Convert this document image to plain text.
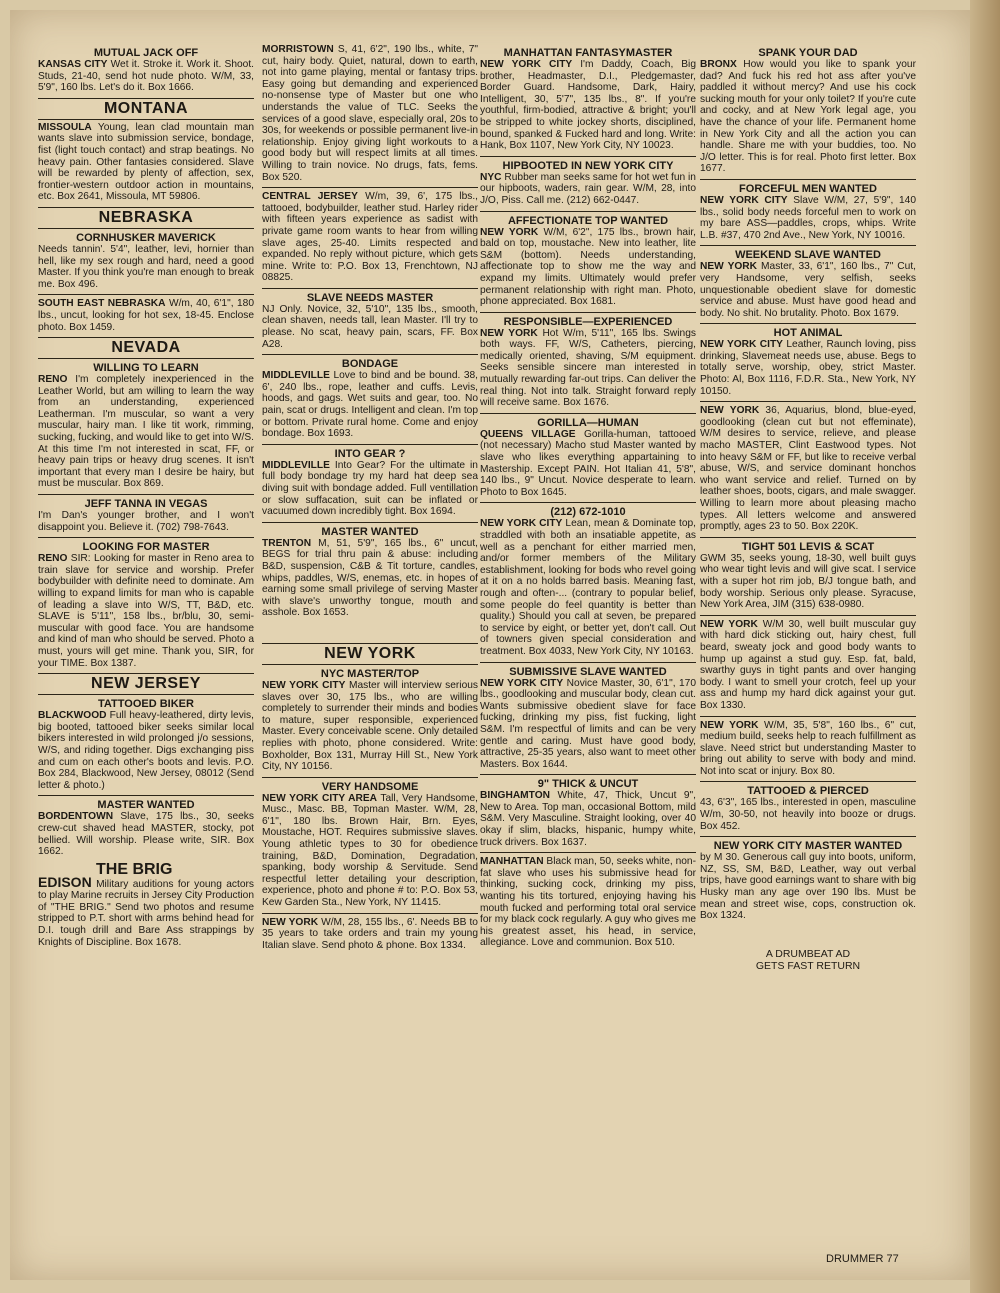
MUTUAL JACK OFF

KANSAS CITY Wet it. Stroke it. Work it. Shoot. Studs, 21-40, send hot nude photo. W/M, 33, 5'9", 160 lbs. Let's do it. Box 1666.

MONTANA

MISSOULA Young, lean clad mountain man wants slave into submission service, bondage, fist (light touch contact) and strap beatings. No heavy pain. Other fantasies considered. Slave will be rewarded by plenty of affection, sex, frontier-western outdoor action in mountains, etc. Box 2641, Missoula, MT 59806.

NEBRASKA
CORNHUSKER MAVERICK

Needs tannin'. 5'4", leather, levi, hornier than hell, like my sex rough and hard, need a good Master. If you think you're man enough to break me. Box 496.

SOUTH EAST NEBRASKA W/m, 40, 6'1", 180 lbs., uncut, looking for hot sex, 18-45. Enclose photo. Box 1459.

NEVADA
WILLING TO LEARN

RENO I'm completely inexperienced in the Leather World, but am willing to learn the way from an understanding, experienced Leatherman. I'm muscular, so want a very muscular, hairy man. I like tit work, rimming, sucking, fucking, and would like to get into W/S. At this time I'm not interested in scat, FF, or heavy pain trips or heavy drug scenes. It isn't important that every man I desire be hairy, but must be muscular. Box 869.

JEFF TANNA IN VEGAS

I'm Dan's younger brother, and I won't disappoint you. Believe it. (702) 798-7643.

LOOKING FOR MASTER

RENO SIR: Looking for master in Reno area to train slave for service and worship. Prefer bodybuilder with definite need to dominate. Am willing to expand limits for man who is capable of leading a slave into W/S, TT, B&D, etc. SLAVE is 5'11", 158 lbs., br/blu, 30, semi-muscular with good face. You are handsome and kind of man who should be served. Photo a must, yours will get mine. Thank you, SIR, for your TIME. Box 1387.

NEW JERSEY
TATTOOED BIKER

BLACKWOOD Full heavy-leathered, dirty levis, big booted, tattooed biker seeks similar local bikers interested in wild prolonged j/o sessions, W/S, and riding together. Digs exchanging piss and cum on each other's boots and levis. P.O. Box 284, Blackwood, New Jersey, 08012 (Send letter & photo.)

MASTER WANTED

BORDENTOWN Slave, 175 lbs., 30, seeks crew-cut shaved head MASTER, stocky, pot bellied. Will worship. Please write, SIR. Box 1662.

THE BRIG

EDISON Military auditions for young actors to play Marine recruits in Jersey City Production of "THE BRIG." Send two photos and resume stripped to P.T. short with arms behind head for D.I. tough drill and Bare Ass strappings by Knights of Discipline. Box 1678.

MORRISTOWN S, 41, 6'2", 190 lbs., white, 7" cut, hairy body. Quiet, natural, down to earth, not into game playing, mental or fantasy trips. Easy going but demanding and experienced no-nonsense type of Master but one who understands the value of TLC. Seeks the services of a good slave, especially oral, 20s to 30s, for weekends or possible permanent live-in relationship. Enjoy giving light workouts to a good body but will respect limits at all times. Willing to train novice. No drugs, fats, fems. Box 520.

CENTRAL JERSEY W/m, 39, 6', 175 lbs., tattooed, bodybuilder, leather stud. Harley rider with fifteen years experience as sadist with private game room wants to hear from willing slave ages, 25-40. Limits respected and expanded. No reply without picture, which gets mine. Write to: P.O. Box 13, Frenchtown, NJ 08825.

SLAVE NEEDS MASTER

NJ Only. Novice, 32, 5'10", 135 lbs., smooth, clean shaven, needs tall, lean Master. I'll try to please. No scat, heavy pain, scars, FF. Box A28.

BONDAGE

MIDDLEVILLE Love to bind and be bound. 38, 6', 240 lbs., rope, leather and cuffs. Levis, hoods, and gags. Wet suits and gear, too. No pain, scat or drugs. Intelligent and clean. I'm top or bottom. Private rural home. Come and enjoy bondage. Box 1693.

INTO GEAR ?

MIDDLEVILLE Into Gear? For the ultimate in full body bondage try my hard hat deep sea diving suit with bondage added. Full ventillation or slow suffacation, suit can be inflated or vacuumed down incredibly tight. Box 1694.

MASTER WANTED

TRENTON M, 51, 5'9", 165 lbs., 6" uncut, BEGS for trial thru pain & abuse: including B&D, suspension, C&B & Tit torture, candles, whips, paddles, W/S, enemas, etc. in hopes of earning some small privilege of serving Master with slave's unworthy tongue, mouth and asshole. Box 1653.

NEW YORK
NYC MASTER/TOP

NEW YORK CITY Master will interview serious slaves over 30, 175 lbs., who are willing completely to surrender their minds and bodies to mature, super responsible, experienced Master. Every conceivable scene. Only detailed replies with photo, phone considered. Write: Boxholder, Box 131, Murray Hill St., New York City, NY 10156.

VERY HANDSOME

NEW YORK CITY AREA Tall, Very Handsome, Musc., Masc. BB, Topman Master. W/M, 28, 6'1", 180 lbs. Brown Hair, Brn. Eyes, Moustache, HOT. Requires submissive slaves. Young athletic types to 30 for obedience training, B&D, Domination, Degradation, spanking, body worship & Servitude. Send respectful letter detailing your description, experience, photo and phone # to: P.O. Box 53, Kew Garden Sta., New York, NY 11415.

NEW YORK W/M, 28, 155 lbs., 6'. Needs BB to 35 years to take orders and train my young Italian slave. Send photo & phone. Box 1334.

MANHATTAN FANTASYMASTER

NEW YORK CITY I'm Daddy, Coach, Big brother, Headmaster, D.I., Pledgemaster, Border Guard. Handsome, Dark, Hairy, Intelligent, 30, 5'7", 135 lbs., 8". If you're youthful, firm-bodied, attractive & bright; you'll be stripped to white jockey shorts, disciplined, bound, spanked & Fucked hard and long. Write: Hank, Box 1107, New York City, NY 10023.

HIPBOOTED IN NEW YORK CITY

NYC Rubber man seeks same for hot wet fun in our hipboots, waders, rain gear. W/M, 28, into J/O, Piss. Call me. (212) 662-0447.

AFFECTIONATE TOP WANTED

NEW YORK W/M, 6'2", 175 lbs., brown hair, bald on top, moustache. New into leather, lite S&M (bottom). Needs understanding, affectionate top to show me the way and expand my limits. Ultimately would prefer permanent relationship with right man. Photo, phone appreciated. Box 1681.

RESPONSIBLE—EXPERIENCED

NEW YORK Hot W/m, 5'11", 165 lbs. Swings both ways. FF, W/S, Catheters, piercing, medically oriented, shaving, S/M equipment. Seeks sensible sincere man interested in mutually rewarding far-out trips. Can deliver the real thing. Not into talk. Straight forward reply will receive same. Box 1676.

GORILLA—HUMAN

QUEENS VILLAGE Gorilla-human, tattooed (not necessary) Macho stud Master wanted by slave who likes everything appartaining to Mastership. Except PAIN. Hot Italian 41, 5'8", 140 lbs., 9" Uncut. Novice desperate to learn. Photo to Box 1645.

(212) 672-1010

NEW YORK CITY Lean, mean & Dominate top, straddled with both an insatiable appetite, as well as a penchant for either married men, and/or former members of the Military establishment, looking for bods who revel going at it on a no holds barred basis. Meaning fast, rough and often-... (contrary to popular belief, some people do feel quantity is better than quality.) Should you call at seven, be prepared to service by eight, or better yet, don't call. Out of towners given special consideration and treatment. Box 4033, New York City, NY 10163.

SUBMISSIVE SLAVE WANTED

NEW YORK CITY Novice Master, 30, 6'1", 170 lbs., goodlooking and muscular body, clean cut. Wants submissive obedient slave for face fucking, drinking my piss, fist fucking, light S&M. I'm respectful of limits and can be very gentle and caring. Must have good body, attractive, 25-35 years, also want to meet other Masters. Box 1644.

9" THICK & UNCUT

BINGHAMTON White, 47, Thick, Uncut 9", New to Area. Top man, occasional Bottom, mild S&M. Very Masculine. Straight looking, over 40 okay if slim, blacks, hispanic, humpy white, truck drivers. Box 1637.

MANHATTAN Black man, 50, seeks white, non-fat slave who uses his submissive head for thinking, sucking cock, drinking my piss, wanting his tits tortured, enjoying having his mouth fucked and performing total oral service for my black cock regularly. A guy who gives me his greatest asset, his head, in service, allegiance. Love and communion. Box 510.

SPANK YOUR DAD

BRONX How would you like to spank your dad? And fuck his red hot ass after you've paddled it without mercy? And use his cock sucking mouth for your only toilet? If you're cute and cocky, and at New York legal age, you have the chance of your life. Permanent home in New York City and all the action you can handle. Share me with your buddies, too. No J/O letter. This is for real. Photo first letter. Box 1677.

FORCEFUL MEN WANTED

NEW YORK CITY Slave W/M, 27, 5'9", 140 lbs., solid body needs forceful men to work on my bare ASS—paddles, crops, whips. Write L.B. #37, 470 2nd Ave., New York, NY 10016.

WEEKEND SLAVE WANTED

NEW YORK Master, 33, 6'1", 160 lbs., 7" Cut, very Handsome, very selfish, seeks unquestionable obedient slave for domestic service and abuse. Must have good head and body. No shit. No brutality. Photo. Box 1679.

HOT ANIMAL

NEW YORK CITY Leather, Raunch loving, piss drinking, Slavemeat needs use, abuse. Begs to totally serve, worship, obey, strict Master. Photo: Al, Box 1116, F.D.R. Sta., New York, NY 10150.

NEW YORK 36, Aquarius, blond, blue-eyed, goodlooking (clean cut but not effeminate), W/M desires to service, relieve, and please macho MASTER, Clint Eastwood types. Not into heavy S&M or FF, but like to receive verbal abuse, W/S, and service dominant honchos who want service and relief. Turned on by leather shoes, boots, cigars, and male swagger. Willing to learn more about pleasing macho types. All letters welcome and answered promptly, ages 23 to 50. Box 220K.

TIGHT 501 LEVIS & SCAT

GWM 35, seeks young, 18-30, well built guys who wear tight levis and will give scat. I service with a super hot rim job, B/J tongue bath, and body worship. Serious only please. Syracuse, New York Area, JIM (315) 638-0980.

NEW YORK W/M 30, well built muscular guy with hard dick sticking out, hairy chest, full beard, sweaty jock and good body wants to hump up against a stud guy. Esp. fat, bald, swarthy guys in tight pants and over hanging body. I want to smell your crotch, feel up your ass and hump my hard dick against your gut. Box 1330.

NEW YORK W/M, 35, 5'8", 160 lbs., 6" cut, medium build, seeks help to reach fulfillment as slave. Need strict but understanding Master to bring out ability to serve with body and mind. Not into scat or injury. Box 80.

TATTOOED & PIERCED

43, 6'3", 165 lbs., interested in open, masculine W/m, 30-50, not heavily into booze or drugs. Box 452.

NEW YORK CITY MASTER WANTED

by M 30. Generous call guy into boots, uniform, NZ, SS, SM, B&D, Leather, way out verbal trips, have good earnings want to share with big Husky man any age over 190 lbs. Must be mean and street wise, cops, construction ok. Box 1324.

A DRUMBEAT AD
GETS FAST RETURN
DRUMMER 77
